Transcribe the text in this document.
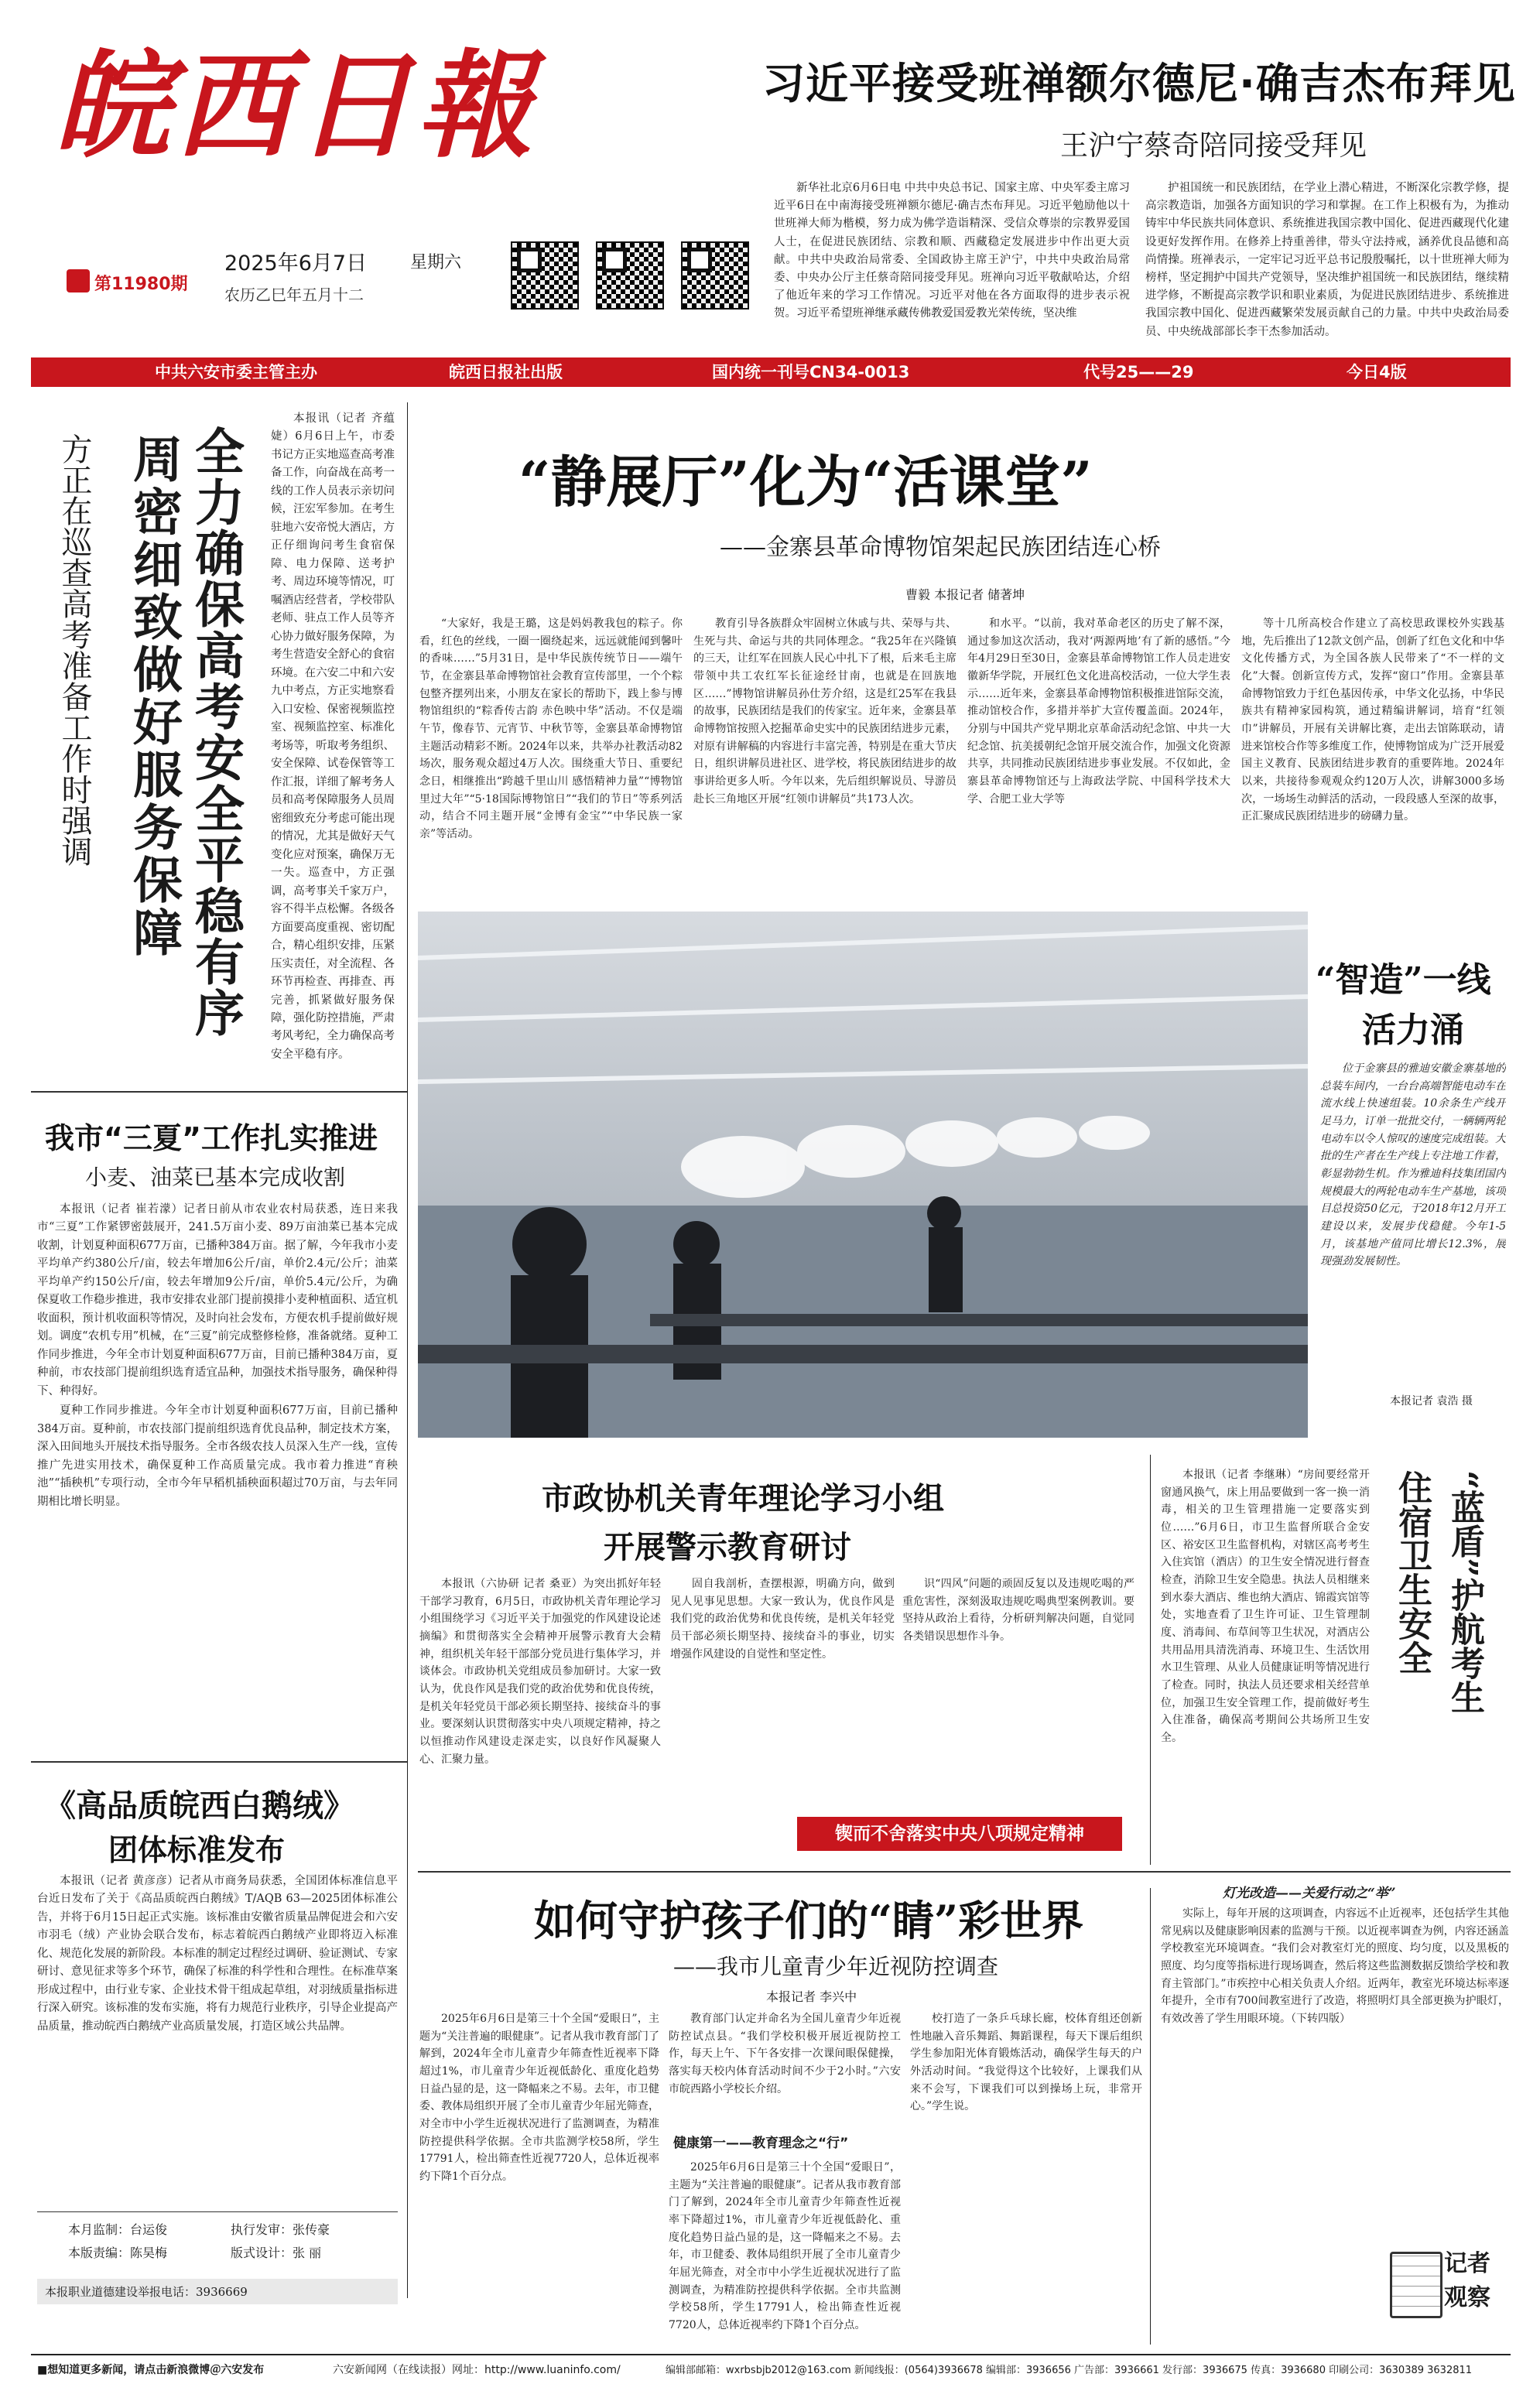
皖西日報
第11980期
2025年6月7日	星期六
农历乙巳年五月十二
习近平接受班禅额尔德尼·确吉杰布拜见
王沪宁蔡奇陪同接受拜见

新华社北京6月6日电 中共中央总书记、国家主席、中央军委主席习近平6日在中南海接受班禅额尔德尼·确吉杰布拜见。习近平勉励他以十世班禅大师为楷模，努力成为佛学造诣精深、受信众尊崇的宗教界爱国人士，在促进民族团结、宗教和顺、西藏稳定发展进步中作出更大贡献。中共中央政治局常委、全国政协主席王沪宁，中共中央政治局常委、中央办公厅主任蔡奇陪同接受拜见。班禅向习近平敬献哈达，介绍了他近年来的学习工作情况。习近平对他在各方面取得的进步表示祝贺。习近平希望班禅继承藏传佛教爱国爱教光荣传统，坚决维

护祖国统一和民族团结，在学业上潜心精进，不断深化宗教学修，提高宗教造诣，加强各方面知识的学习和掌握。在工作上积极有为，为推动铸牢中华民族共同体意识、系统推进我国宗教中国化、促进西藏现代化建设更好发挥作用。在修养上持重善律，带头守法持戒，涵养优良品德和高尚情操。班禅表示，一定牢记习近平总书记殷殷嘱托，以十世班禅大师为榜样，坚定拥护中国共产党领导，坚决维护祖国统一和民族团结，继续精进学修，不断提高宗教学识和职业素质，为促进民族团结进步、系统推进我国宗教中国化、促进西藏繁荣发展贡献自己的力量。中共中央政治局委员、中央统战部部长李干杰参加活动。

中共六安市委主管主办	皖西日报社出版	国内统一刊号CN34-0013	代号25——29	今日4版
方正在巡查高考准备工作时强调 周密细致做好服务保障 全力确保高考安全平稳有序

本报讯（记者 齐蕴婕）6月6日上午，市委书记方正实地巡查高考准备工作，向奋战在高考一线的工作人员表示亲切问候，汪宏军参加。在考生驻地六安帝悦大酒店，方正仔细询问考生食宿保障、电力保障、送考护考、周边环境等情况，叮嘱酒店经营者，学校带队老师、驻点工作人员等齐心协力做好服务保障，为考生营造安全舒心的食宿环境。在六安二中和六安九中考点，方正实地察看入口安检、保密视频监控室、视频监控室、标准化考场等，听取考务组织、安全保障、试卷保管等工作汇报，详细了解考务人员和高考保障服务人员周密细致充分考虑可能出现的情况，尤其是做好天气变化应对预案，确保万无一失。巡查中，方正强调，高考事关千家万户，容不得半点松懈。各级各方面要高度重视、密切配合，精心组织安排，压紧压实责任，对全流程、各环节再检查、再排查、再完善，抓紧做好服务保障，强化防控措施，严肃考风考纪，全力确保高考安全平稳有序。

我市“三夏”工作扎实推进
小麦、油菜已基本完成收割

本报讯（记者 崔若濛）记者日前从市农业农村局获悉，连日来我市“三夏”工作紧锣密鼓展开，241.5万亩小麦、89万亩油菜已基本完成收割，计划夏种面积677万亩，已播种384万亩。据了解，今年我市小麦平均单产约380公斤/亩，较去年增加6公斤/亩，单价2.4元/公斤；油菜平均单产约150公斤/亩，较去年增加9公斤/亩，单价5.4元/公斤，为确保夏收工作稳步推进，我市安排农业部门提前摸排小麦种植面积、适宜机收面积，预计机收面积等情况，及时向社会发布，方便农机手提前做好规划。调度“农机专用”机械，在“三夏”前完成整修检修，准备就绪。夏种工作同步推进，今年全市计划夏种面积677万亩，目前已播种384万亩，夏种前，市农技部门提前组织选育适宜品种，加强技术指导服务，确保种得下、种得好。

夏种工作同步推进。今年全市计划夏种面积677万亩，目前已播种384万亩。夏种前，市农技部门提前组织选育优良品种，制定技术方案，深入田间地头开展技术指导服务。全市各级农技人员深入生产一线，宣传推广先进实用技术，确保夏种工作高质量完成。我市着力推进“育秧池”“插秧机”专项行动，全市今年早稻机插秧面积超过70万亩，与去年同期相比增长明显。

《高品质皖西白鹅绒》
团体标准发布

本报讯（记者 黄彦彦）记者从市商务局获悉，全国团体标准信息平台近日发布了关于《高品质皖西白鹅绒》T/AQB 63—2025团体标准公告，并将于6月15日起正式实施。该标准由安徽省质量品牌促进会和六安市羽毛（绒）产业协会联合发布，标志着皖西白鹅绒产业即将迈入标准化、规范化发展的新阶段。本标准的制定过程经过调研、验证测试、专家研讨、意见征求等多个环节，确保了标准的科学性和合理性。在标准草案形成过程中，由行业专家、企业技术骨干组成起草组，对羽绒质量指标进行深入研究。该标准的发布实施，将有力规范行业秩序，引导企业提高产品质量，推动皖西白鹅绒产业高质量发展，打造区域公共品牌。

本月监制：台运俊	执行发审：张传豪
本版责编：陈昊梅	版式设计：张 丽
本报职业道德建设举报电话：3936669
“静展厅”化为“活课堂”
——金寨县革命博物馆架起民族团结连心桥
曹毅 本报记者 储著坤

“大家好，我是王璐，这是妈妈教我包的粽子。你看，红色的丝线，一圈一圈绕起来，远远就能闻到馨叶的香味……”5月31日，是中华民族传统节日——端午节，在金寨县革命博物馆社会教育宣传部里，一个个粽包整齐摆列出来，小朋友在家长的帮助下，践上参与博物馆组织的“粽香传古韵 赤色映中华”活动。不仅是端午节，像春节、元宵节、中秋节等，金寨县革命博物馆主题活动精彩不断。2024年以来，共举办社教活动82场次，服务观众超过4万人次。围绕重大节日、重要纪念日，相继推出“跨越千里山川 感悟精神力量”“博物馆里过大年”“5·18国际博物馆日”“我们的节日”等系列活动，结合不同主题开展“金博有金宝”“中华民族一家亲”等活动。

教育引导各族群众牢固树立休戚与共、荣辱与共、生死与共、命运与共的共同体理念。“我25年在兴隆镇的三天，让红军在回族人民心中扎下了根，后来毛主席带领中共工农红军长征途经甘南，也就是在回族地区……”博物馆讲解员孙仕芳介绍，这是红25军在我县的故事，民族团结是我们的传家宝。近年来，金寨县革命博物馆按照入挖掘革命史实中的民族团结进步元素，对原有讲解稿的内容进行丰富完善，特别是在重大节庆日，组织讲解员进社区、进学校，将民族团结进步的故事讲给更多人听。今年以来，先后组织解说员、导游员赴长三角地区开展“红领巾讲解员”共173人次。

和水平。“以前，我对革命老区的历史了解不深，通过参加这次活动，我对‘两源两地’有了新的感悟。”今年4月29日至30日，金寨县革命博物馆工作人员走进安徽新华学院，开展红色文化进高校活动，一位大学生表示……近年来，金寨县革命博物馆积极推进馆际交流，推动馆校合作，多措并举扩大宣传覆盖面。2024年，分别与中国共产党早期北京革命活动纪念馆、中共一大纪念馆、抗美援朝纪念馆开展交流合作，加强文化资源共享，共同推动民族团结进步事业发展。不仅如此，金寨县革命博物馆还与上海政法学院、中国科学技术大学、合肥工业大学等

等十几所高校合作建立了高校思政课校外实践基地，先后推出了12款文创产品，创新了红色文化和中华文化传播方式，为全国各族人民带来了“不一样的文化”大餐。创新宣传方式，发挥“窗口”作用。金寨县革命博物馆致力于红色基因传承，中华文化弘扬，中华民族共有精神家园构筑，通过精编讲解词，培育“红领巾”讲解员，开展有关讲解比赛，走出去馆陈联动，请进来馆校合作等多维度工作，使博物馆成为广泛开展爱国主义教育、民族团结进步教育的重要阵地。2024年以来，共接待参观观众约120万人次，讲解3000多场次，一场场生动鲜活的活动，一段段感人至深的故事，正汇聚成民族团结进步的磅礴力量。

“智造”一线
活力涌

位于金寨县的雅迪安徽金寨基地的总装车间内，一台台高端智能电动车在流水线上快速组装。10余条生产线开足马力，订单一批批交付，一辆辆两轮电动车以令人惊叹的速度完成组装。大批的生产者在生产线上专注地工作着，彰显勃勃生机。作为雅迪科技集团国内规模最大的两轮电动车生产基地，该项目总投资50亿元，于2018年12月开工建设以来，发展步伐稳健。今年1-5月，该基地产值同比增长12.3%，展现强劲发展韧性。

本报记者 袁浩 摄
市政协机关青年理论学习小组
开展警示教育研讨

本报讯（六协研 记者 桑亚）为突出抓好年轻干部学习教育，6月5日，市政协机关青年理论学习小组围绕学习《习近平关于加强党的作风建设论述摘编》和贯彻落实全会精神开展警示教育大会精神，组织机关年轻干部部分党员进行集体学习，并谈体会。市政协机关党组成员参加研讨。大家一致认为，优良作风是我们党的政治优势和优良传统，是机关年轻党员干部必须长期坚持、接续奋斗的事业。要深刻认识贯彻落实中央八项规定精神，持之以恒推动作风建设走深走实，以良好作风凝聚人心、汇聚力量。

固自我剖析，查摆根源，明确方向，做到见人见事见思想。大家一致认为，优良作风是我们党的政治优势和优良传统，是机关年轻党员干部必须长期坚持、接续奋斗的事业，切实增强作风建设的自觉性和坚定性。

识“四风”问题的顽固反复以及违规吃喝的严重危害性，深刻汲取违规吃喝典型案例教训。要坚持从政治上看待，分析研判解决问题，自觉同各类错误思想作斗争。

锲而不舍落实中央八项规定精神

本报讯（记者 李继琳）“房间要经常开窗通风换气，床上用品要做到一客一换一消毒，相关的卫生管理措施一定要落实到位……”6月6日，市卫生监督所联合金安区、裕安区卫生监督机构，对辖区高考考生入住宾馆（酒店）的卫生安全情况进行督查检查，消除卫生安全隐患。执法人员相继来到水泰大酒店、维也纳大酒店、锦霞宾馆等处，实地查看了卫生许可证、卫生管理制度、消毒间、布草间等卫生状况，对酒店公共用品用具清洗消毒、环境卫生、生活饮用水卫生管理、从业人员健康证明等情况进行了检查。同时，执法人员还要求相关经营单位，加强卫生安全管理工作，提前做好考生入住准备，确保高考期间公共场所卫生安全。

“蓝盾”护航考生
住宿卫生安全
如何守护孩子们的“睛”彩世界
——我市儿童青少年近视防控调查
本报记者 李兴中

2025年6月6日是第三十个全国“爱眼日”，主题为“关注普遍的眼健康”。记者从我市教育部门了解到，2024年全市儿童青少年筛查性近视率下降超过1%，市儿童青少年近视低龄化、重度化趋势日益凸显的是，这一降幅来之不易。去年，市卫健委、教体局组织开展了全市儿童青少年屈光筛查，对全市中小学生近视状况进行了监测调查，为精准防控提供科学依据。全市共监测学校58所，学生17791人，检出筛查性近视7720人，总体近视率约下降1个百分点。

健康第一——教育理念之“行”

教育部门认定并命名为全国儿童青少年近视防控试点县。“我们学校积极开展近视防控工作，每天上午、下午各安排一次课间眼保健操，落实每天校内体育活动时间不少于2小时。”六安市皖西路小学校长介绍。

2025年6月6日是第三十个全国“爱眼日”，主题为“关注普遍的眼健康”。记者从我市教育部门了解到，2024年全市儿童青少年筛查性近视率下降超过1%，市儿童青少年近视低龄化、重度化趋势日益凸显的是，这一降幅来之不易。去年，市卫健委、教体局组织开展了全市儿童青少年屈光筛查，对全市中小学生近视状况进行了监测调查，为精准防控提供科学依据。全市共监测学校58所，学生17791人，检出筛查性近视7720人，总体近视率约下降1个百分点。

校打造了一条乒乓球长廊，校体育组还创新性地融入音乐舞蹈、舞蹈课程，每天下课后组织学生参加阳光体育锻炼活动，确保学生每天的户外活动时间。“我觉得这个比较好，上课我们从来不会写，下课我们可以到操场上玩，非常开心。”学生说。

灯光改造——关爱行动之“举”

实际上，每年开展的这项调查，内容远不止近视率，还包括学生其他常见病以及健康影响因素的监测与干预。以近视率调查为例，内容还涵盖学校教室光环境调查。“我们会对教室灯光的照度、均匀度，以及黑板的照度、均匀度等指标进行现场调查，然后将这些监测数据反馈给学校和教育主管部门。”市疾控中心相关负责人介绍。近两年，教室光环境达标率逐年提升，全市有700间教室进行了改造，将照明灯具全部更换为护眼灯，有效改善了学生用眼环境。（下转四版）

记者观察
■想知道更多新闻，请点击新浪微博＠六安发布	六安新闻网（在线读报）网址：http://www.luaninfo.com/	编辑部邮箱：wxrbsbjb2012@163.com 新闻线报：(0564)3936678 编辑部：3936656 广告部：3936661 发行部：3936675 传真：3936680 印刷公司：3630389 3632811
